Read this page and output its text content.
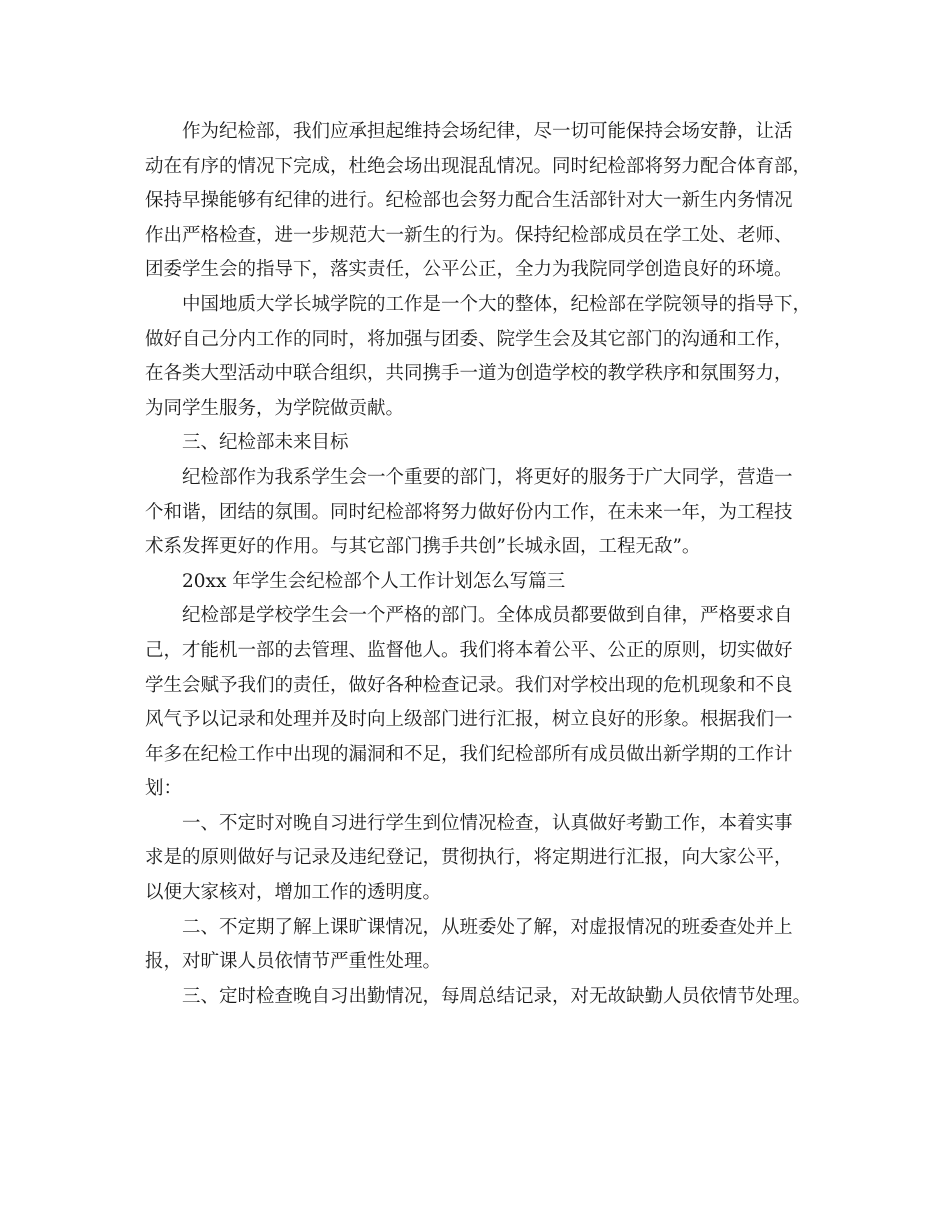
作为纪检部，我们应承担起维持会场纪律，尽一切可能保持会场安静，让活
动在有序的情况下完成，杜绝会场出现混乱情况。同时纪检部将努力配合体育部，
保持早操能够有纪律的进行。纪检部也会努力配合生活部针对大一新生内务情况
作出严格检查，进一步规范大一新生的行为。保持纪检部成员在学工处、老师、
团委学生会的指导下，落实责任，公平公正，全力为我院同学创造良好的环境。
中国地质大学长城学院的工作是一个大的整体，纪检部在学院领导的指导下，
做好自己分内工作的同时，将加强与团委、院学生会及其它部门的沟通和工作，
在各类大型活动中联合组织，共同携手一道为创造学校的教学秩序和氛围努力，
为同学生服务，为学院做贡献。
三、纪检部未来目标
纪检部作为我系学生会一个重要的部门，将更好的服务于广大同学，营造一
个和谐，团结的氛围。同时纪检部将努力做好份内工作，在未来一年，为工程技
术系发挥更好的作用。与其它部门携手共创”长城永固，工程无敌”。
20xx 年学生会纪检部个人工作计划怎么写篇三
纪检部是学校学生会一个严格的部门。全体成员都要做到自律，严格要求自
己，才能机一部的去管理、监督他人。我们将本着公平、公正的原则，切实做好
学生会赋予我们的责任，做好各种检查记录。我们对学校出现的危机现象和不良
风气予以记录和处理并及时向上级部门进行汇报，树立良好的形象。根据我们一
年多在纪检工作中出现的漏洞和不足，我们纪检部所有成员做出新学期的工作计
划：
一、不定时对晚自习进行学生到位情况检查，认真做好考勤工作，本着实事
求是的原则做好与记录及违纪登记，贯彻执行，将定期进行汇报，向大家公平，
以便大家核对，增加工作的透明度。
二、不定期了解上课旷课情况，从班委处了解，对虚报情况的班委查处并上
报，对旷课人员依情节严重性处理。
三、定时检查晚自习出勤情况，每周总结记录，对无故缺勤人员依情节处理。
